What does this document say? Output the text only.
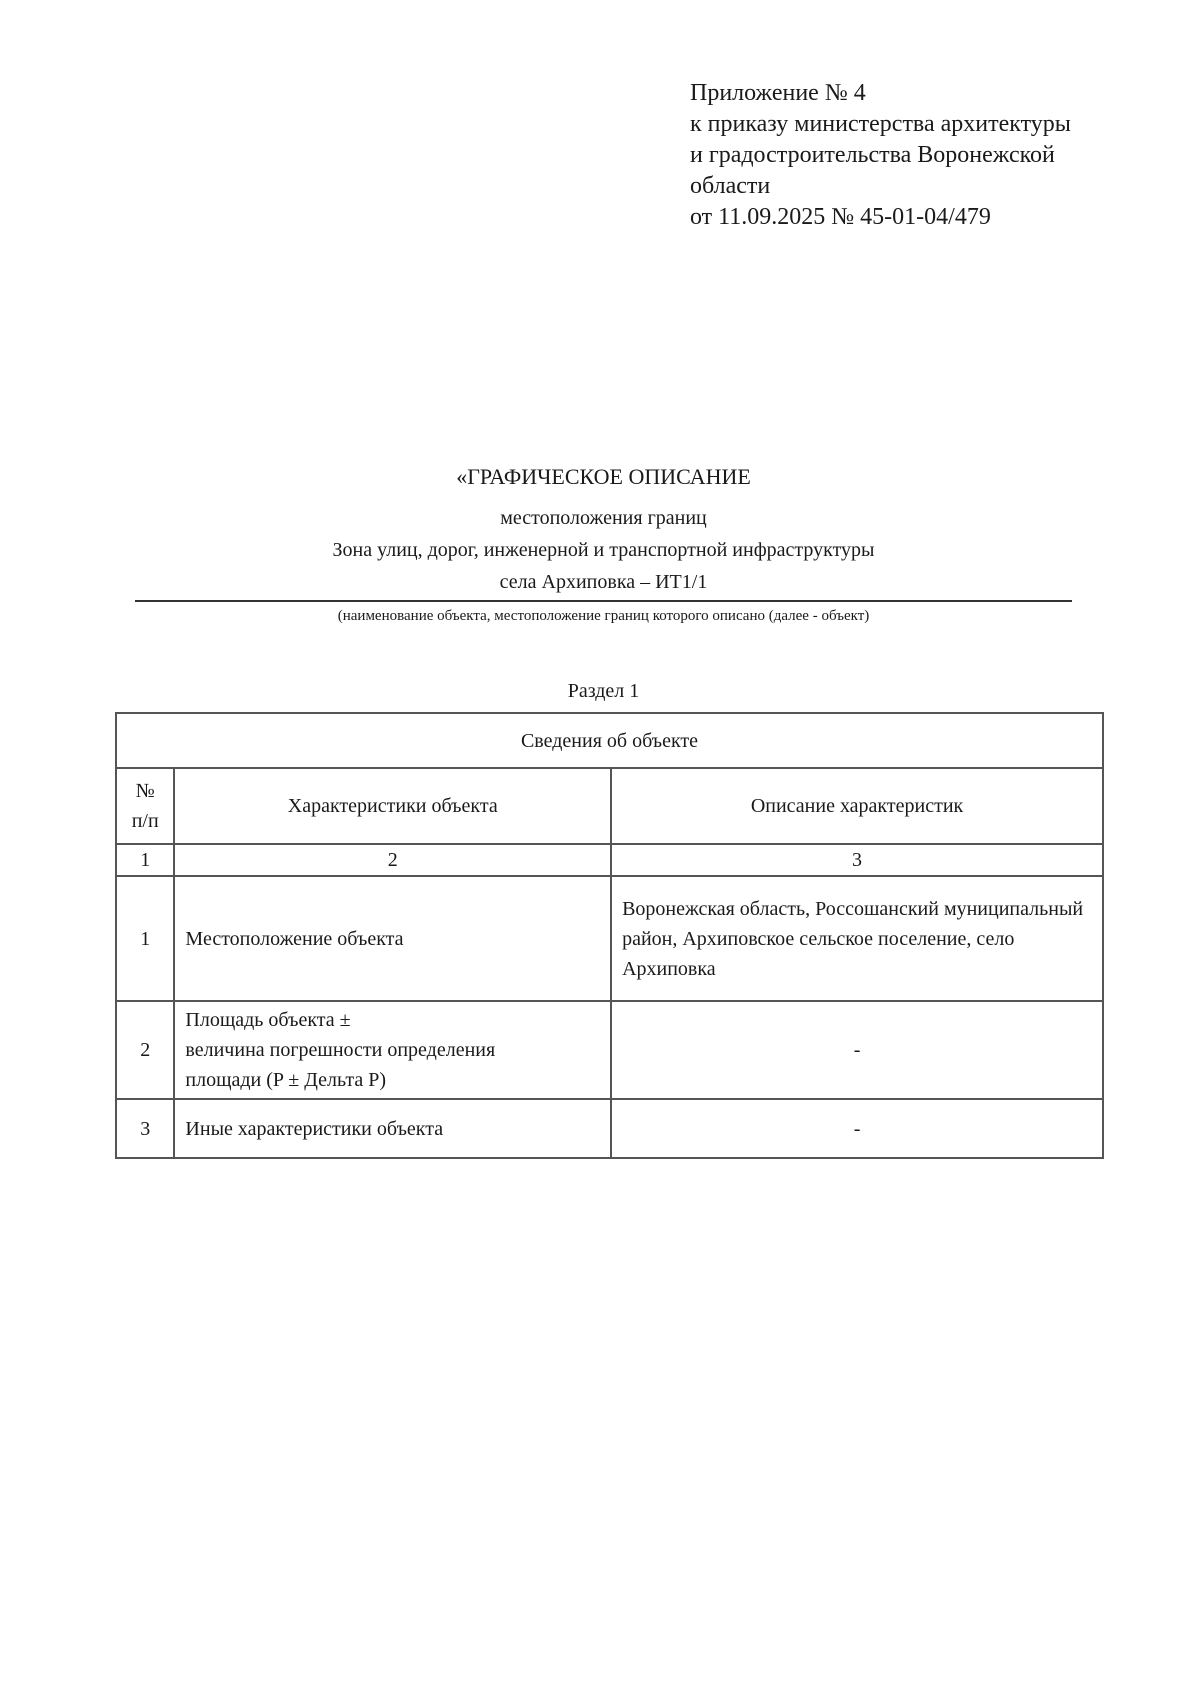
Приложение № 4
к приказу министерства архитектуры
и градостроительства Воронежской
области
от 11.09.2025 № 45-01-04/479
«ГРАФИЧЕСКОЕ ОПИСАНИЕ
местоположения границ
Зона улиц, дорог, инженерной и транспортной инфраструктуры
села Архиповка – ИТ1/1
(наименование объекта, местоположение границ которого описано (далее - объект)
Раздел 1
Сведения об объекте		

№
п/п	Характеристики объекта	Описание характеристик
1	2	3
1	Местоположение объекта	Воронежская область, Россошанский муниципальный район, Архиповское сельское поселение, село Архиповка
2	Площадь объекта ±
величина погрешности определения
площади (P ± Дельта P)	-
3	Иные характеристики объекта	-
